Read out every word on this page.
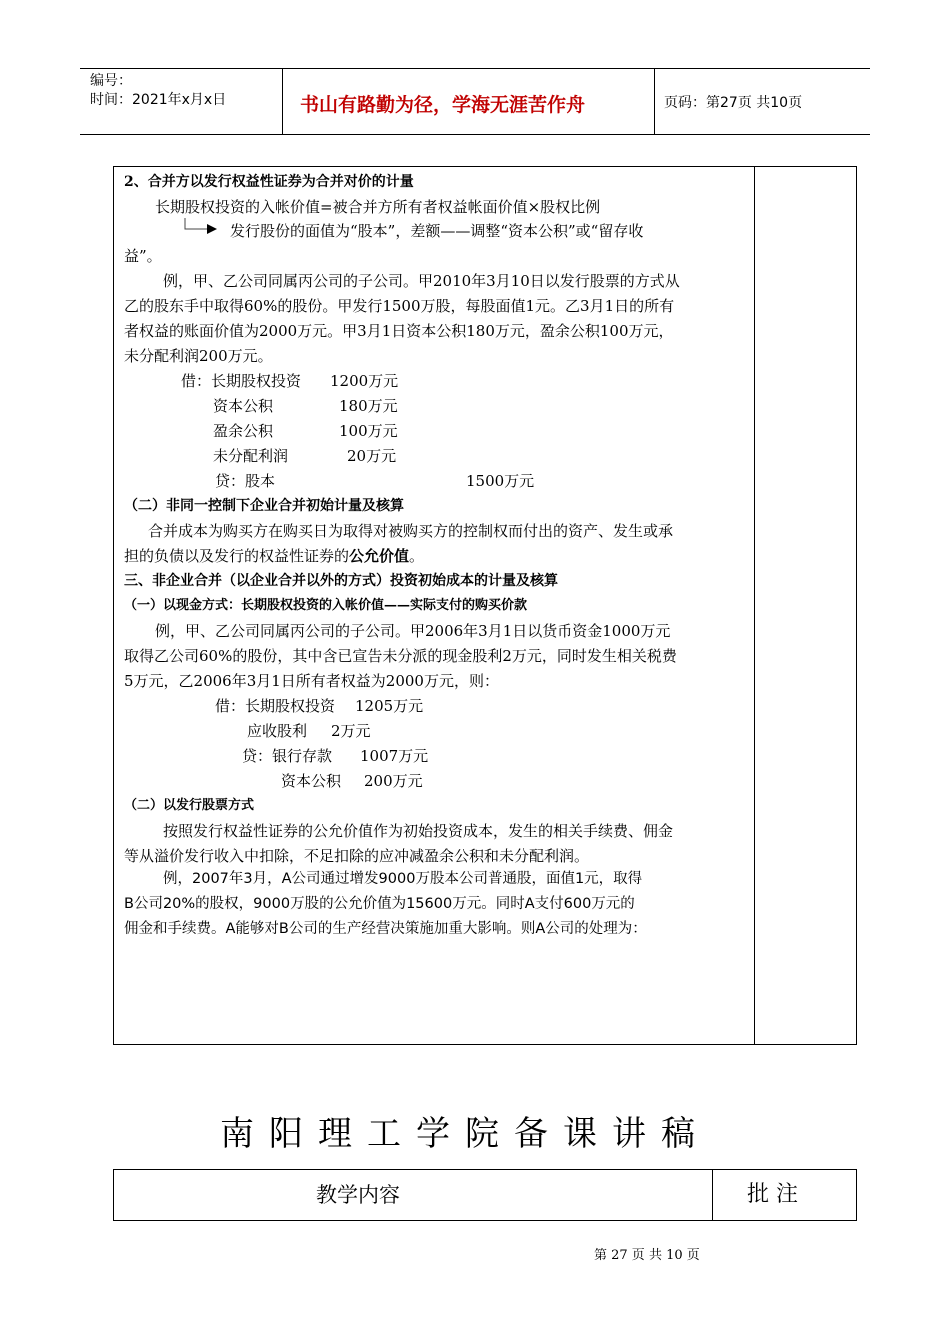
编号：
时间：2021年x月x日	书山有路勤为径，学海无涯苦作舟	页码：第27页 共10页
2、合并方以发行权益性证券为合并对价的计量
长期股权投资的入帐价值=被合并方所有者权益帐面价值×股权比例
发行股份的面值为“股本”，差额——调整“资本公积”或“留存收
益”。
例，甲、乙公司同属丙公司的子公司。甲2010年3月10日以发行股票的方式从
乙的股东手中取得60%的股份。甲发行1500万股，每股面值1元。乙3月1日的所有
者权益的账面价值为2000万元。甲3月1日资本公积180万元，盈余公积100万元，
未分配利润200万元。
借：长期股权投资 1200万元
资本公积	180万元
盈余公积	100万元
未分配利润	20万元
贷：股本	1500万元
（二）非同一控制下企业合并初始计量及核算
合并成本为购买方在购买日为取得对被购买方的控制权而付出的资产、发生或承
担的负债以及发行的权益性证券的公允价值。
三、非企业合并（以企业合并以外的方式）投资初始成本的计量及核算
（一）以现金方式：长期股权投资的入帐价值——实际支付的购买价款
例，甲、乙公司同属丙公司的子公司。甲2006年3月1日以货币资金1000万元
取得乙公司60%的股份，其中含已宣告未分派的现金股利2万元，同时发生相关税费
5万元，乙2006年3月1日所有者权益为2000万元，则：
借：长期股权投资 1205万元
应收股利 2万元
贷：银行存款 1007万元
资本公积 200万元
（二）以发行股票方式
按照发行权益性证券的公允价值作为初始投资成本，发生的相关手续费、佣金
等从溢价发行收入中扣除，不足扣除的应冲减盈余公积和未分配利润。
例，2007年3月，A公司通过增发9000万股本公司普通股，面值1元，取得
B公司20%的股权，9000万股的公允价值为15600万元。同时A支付600万元的
佣金和手续费。A能够对B公司的生产经营决策施加重大影响。则A公司的处理为：
南阳理工学院备课讲稿
教学内容	批 注
第 27 页 共 10 页
